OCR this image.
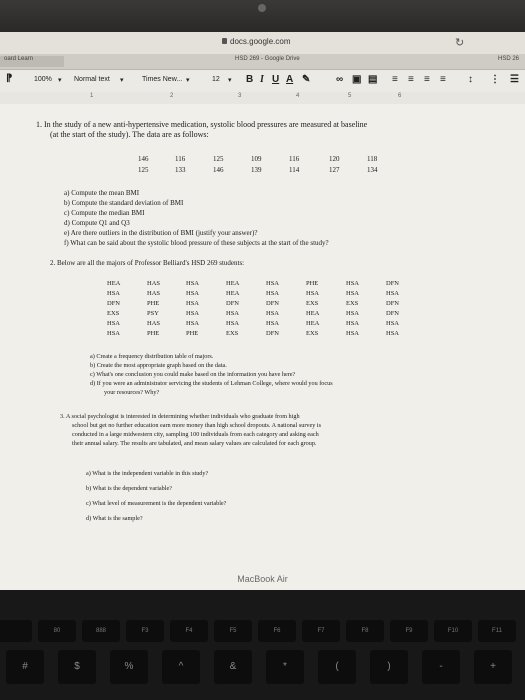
docs.google.com	↻
oard Learn	HSD 269 - Google Drive	HSD 26
⁋	100% ▾ Normal text ▾	Times New... ▾	12 ▾ B I U A ✎	∞ ▣ ▤ ≡ ≡ ≡ ≡ ↕ ⋮ ☰
1	2	3	4	5	6
1. In the study of a new anti-hypertensive medication, systolic blood pressures are measured at baseline
(at the start of the study). The data are as follows:
146	116	125	109	116	120	118
125	133	146	139	114	127	134
a) Compute the mean BMI
b) Compute the standard deviation of BMI
c) Compute the median BMI
d) Compute Q1 and Q3
e) Are there outliers in the distribution of BMI (justify your answer)?
f) What can be said about the systolic blood pressure of these subjects at the start of the study?
2. Below are all the majors of Professor Belliard's HSD 269 students:
HEA	HAS	HSA	HEA	HSA	PHE	HSA	DFN
HSA	HAS	HSA	HEA	HSA	HSA	HSA	HSA
DFN	PHE	HSA	DFN	DFN	EXS	EXS	DFN
EXS	PSY	HSA	HSA	HSA	HEA	HSA	DFN
HSA	HAS	HSA	HSA	HSA	HEA	HSA	HSA
HSA	PHE	PHE	EXS	DFN	EXS	HSA	HSA
a) Create a frequency distribution table of majors.
b) Create the most appropriate graph based on the data.
c) What's one conclusion you could make based on the information you have here?
d) If you were an administrator servicing the students of Lehman College, where would you focus
your resources? Why?
3. A social psychologist is interested in determining whether individuals who graduate from high
school but get no further education earn more money than high school dropouts. A national survey is
conducted in a large midwestern city, sampling 100 individuals from each category and asking each
their annual salary. The results are tabulated, and mean salary values are calculated for each group.
a) What is the independent variable in this study?
b) What is the dependent variable?
c) What level of measurement is the dependent variable?
d) What is the sample?
MacBook Air
80	888	F3	F4	F5	F6	F7	F8	F9	F10	F11
#	$	%	^	&	*	(	)	-	+
